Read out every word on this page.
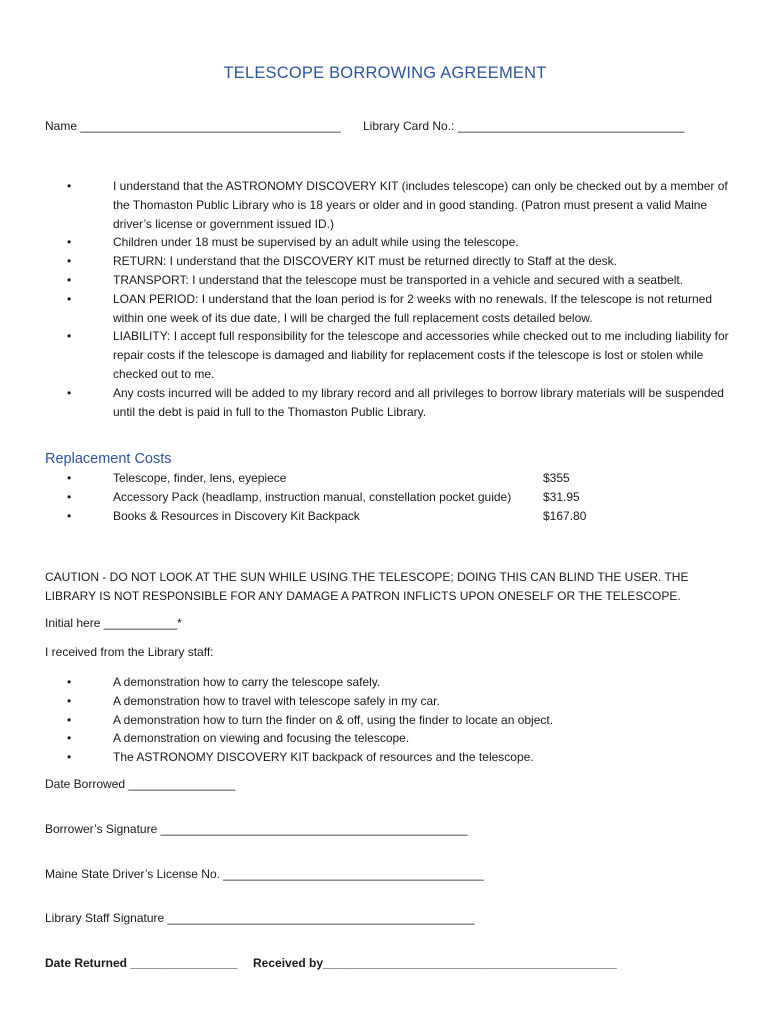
TELESCOPE BORROWING AGREEMENT
Name _______________________________________ Library Card No.: __________________________________
•	I understand that the ASTRONOMY DISCOVERY KIT (includes telescope) can only be checked out by a member of the Thomaston Public Library who is 18 years or older and in good standing. (Patron must present a valid Maine driver’s license or government issued ID.)
•	Children under 18 must be supervised by an adult while using the telescope.
•	RETURN: I understand that the DISCOVERY KIT must be returned directly to Staff at the desk.
•	TRANSPORT: I understand that the telescope must be transported in a vehicle and secured with a seatbelt.
•	LOAN PERIOD: I understand that the loan period is for 2 weeks with no renewals. If the telescope is not returned within one week of its due date, I will be charged the full replacement costs detailed below.
•	LIABILITY: I accept full responsibility for the telescope and accessories while checked out to me including liability for repair costs if the telescope is damaged and liability for replacement costs if the telescope is lost or stolen while checked out to me.
•	Any costs incurred will be added to my library record and all privileges to borrow library materials will be suspended until the debt is paid in full to the Thomaston Public Library.
Replacement Costs
•	Telescope, finder, lens, eyepiece	$355
•	Accessory Pack (headlamp, instruction manual, constellation pocket guide)	$31.95
•	Books & Resources in Discovery Kit Backpack	$167.80
CAUTION - DO NOT LOOK AT THE SUN WHILE USING THE TELESCOPE; DOING THIS CAN BLIND THE USER. THE LIBRARY IS NOT RESPONSIBLE FOR ANY DAMAGE A PATRON INFLICTS UPON ONESELF OR THE TELESCOPE.
Initial here ___________*
I received from the Library staff:
•	A demonstration how to carry the telescope safely.
•	A demonstration how to travel with telescope safely in my car.
•	A demonstration how to turn the finder on & off, using the finder to locate an object.
•	A demonstration on viewing and focusing the telescope.
•	The ASTRONOMY DISCOVERY KIT backpack of resources and the telescope.
Date Borrowed ________________
Borrower’s Signature ______________________________________________
Maine State Driver’s License No. _______________________________________
Library Staff Signature ______________________________________________
Date Returned ________________ Received by____________________________________________
